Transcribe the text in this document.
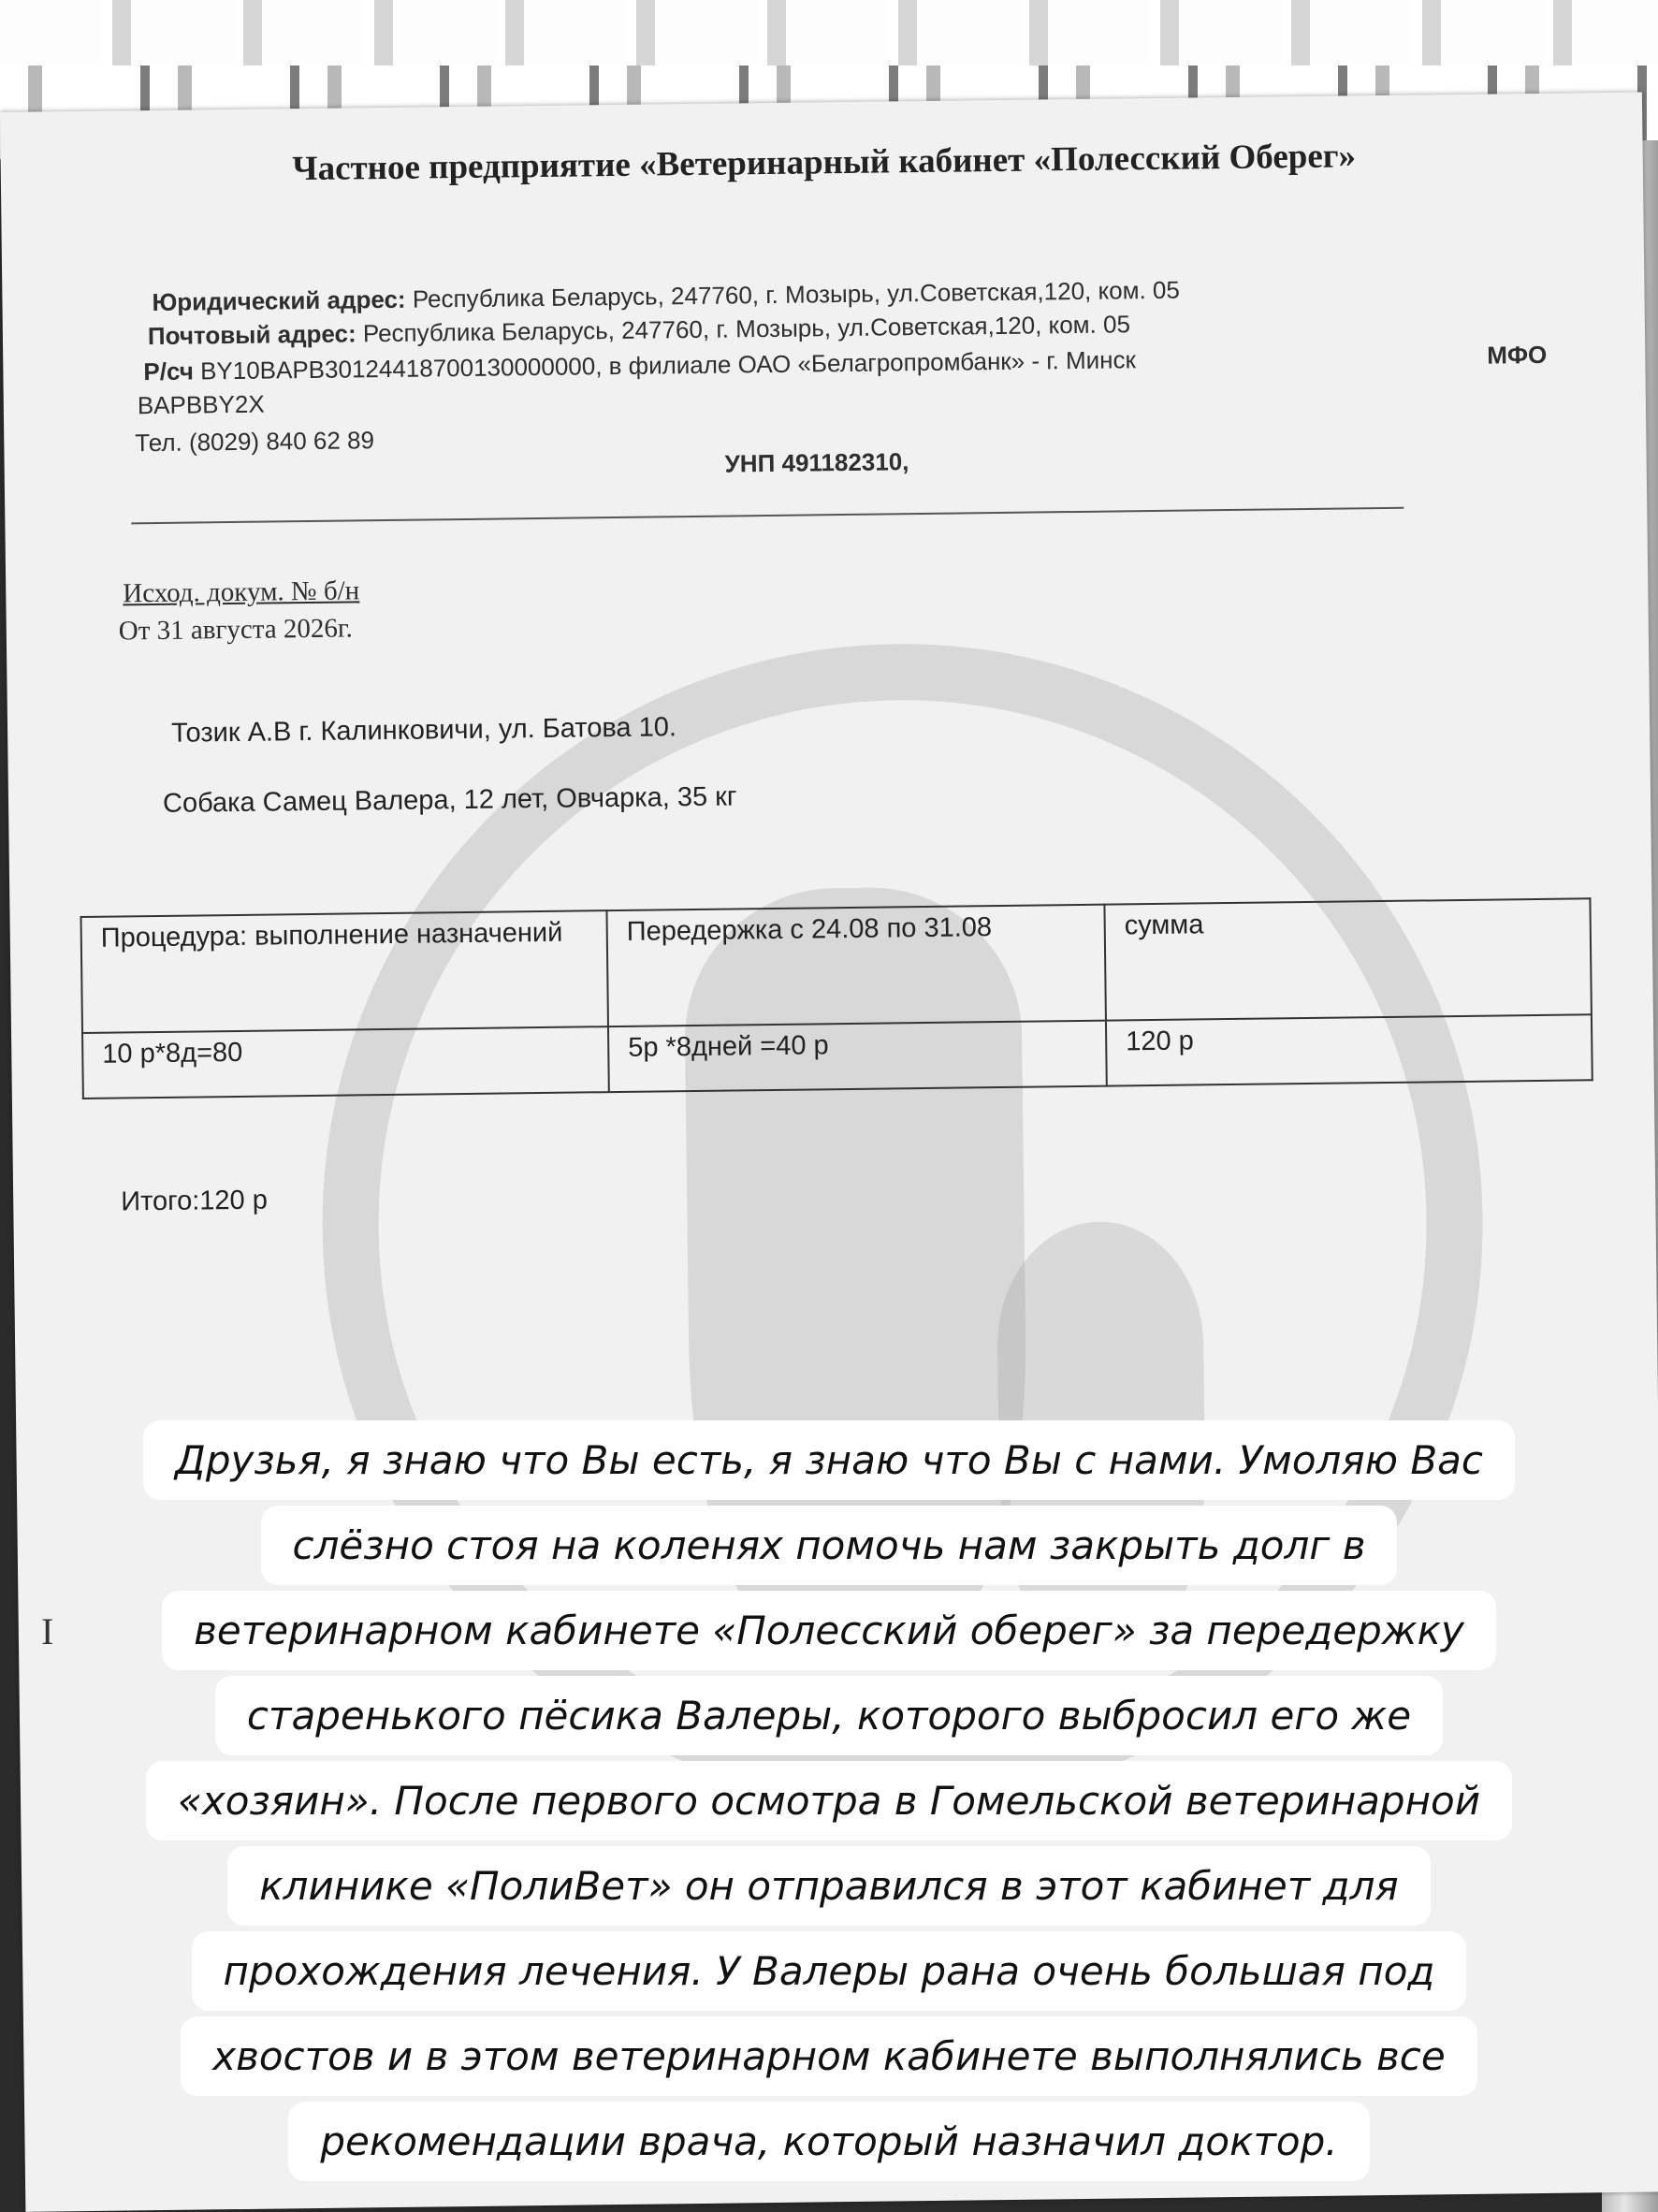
Частное предприятие «Ветеринарный кабинет «Полесский Оберег»
Юридический адрес: Республика Беларусь, 247760, г. Мозырь, ул.Советская,120, ком. 05
Почтовый адрес: Республика Беларусь, 247760, г. Мозырь, ул.Советская,120, ком. 05
Р/сч BY10BAPB30124418700130000000, в филиале ОАО «Белагропромбанк» - г. Минск	МФО
BAPBBY2X
Тел. (8029) 840 62 89
УНП 491182310,
Исход. докум. № б/н
От 31 августа 2026г.
Тозик А.В г. Калинковичи, ул. Батова 10.
Собака Самец Валера, 12 лет, Овчарка, 35 кг
Процедура: выполнение назначений	Передержка с 24.08 по 31.08	сумма
10 р*8д=80	5р *8дней =40 р	120 р
Итого:120 р
Ι
Друзья, я знаю что Вы есть, я знаю что Вы с нами. Умоляю Вас
слёзно стоя на коленях помочь нам закрыть долг в
ветеринарном кабинете «Полесский оберег» за передержку
старенького пёсика Валеры, которого выбросил его же
«хозяин». После первого осмотра в Гомельской ветеринарной
клинике «ПолиВет» он отправился в этот кабинет для
прохождения лечения. У Валеры рана очень большая под
хвостов и в этом ветеринарном кабинете выполнялись все
рекомендации врача, который назначил доктор.
